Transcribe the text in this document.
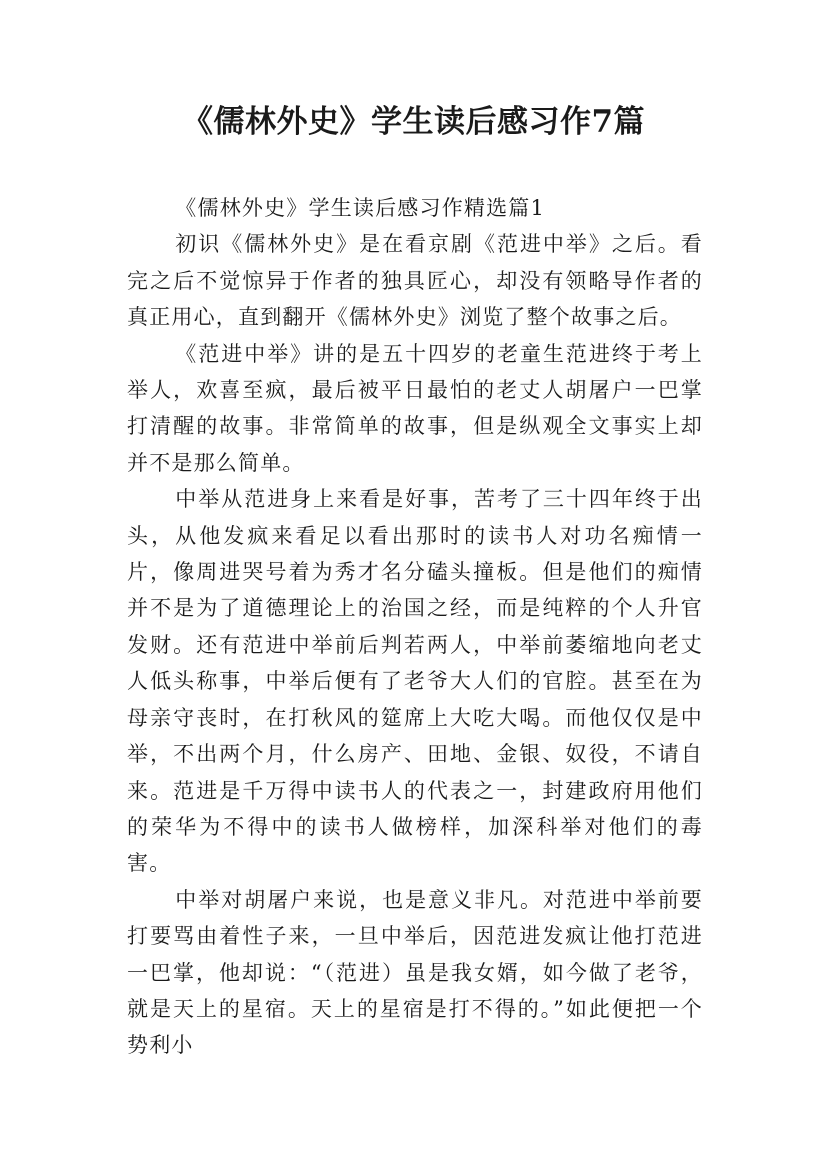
《儒林外史》学生读后感习作7篇

《儒林外史》学生读后感习作精选篇1

初识《儒林外史》是在看京剧《范进中举》之后。看完之后不觉惊异于作者的独具匠心，却没有领略导作者的真正用心，直到翻开《儒林外史》浏览了整个故事之后。

《范进中举》讲的是五十四岁的老童生范进终于考上举人，欢喜至疯，最后被平日最怕的老丈人胡屠户一巴掌打清醒的故事。非常简单的故事，但是纵观全文事实上却并不是那么简单。

中举从范进身上来看是好事，苦考了三十四年终于出头，从他发疯来看足以看出那时的读书人对功名痴情一片，像周进哭号着为秀才名分磕头撞板。但是他们的痴情并不是为了道德理论上的治国之经，而是纯粹的个人升官发财。还有范进中举前后判若两人，中举前萎缩地向老丈人低头称事，中举后便有了老爷大人们的官腔。甚至在为母亲守丧时，在打秋风的筵席上大吃大喝。而他仅仅是中举，不出两个月，什么房产、田地、金银、奴役，不请自来。范进是千万得中读书人的代表之一，封建政府用他们的荣华为不得中的读书人做榜样，加深科举对他们的毒害。

中举对胡屠户来说，也是意义非凡。对范进中举前要打要骂由着性子来，一旦中举后，因范进发疯让他打范进一巴掌，他却说：“（范进）虽是我女婿，如今做了老爷，就是天上的星宿。天上的星宿是打不得的。”如此便把一个势利小
